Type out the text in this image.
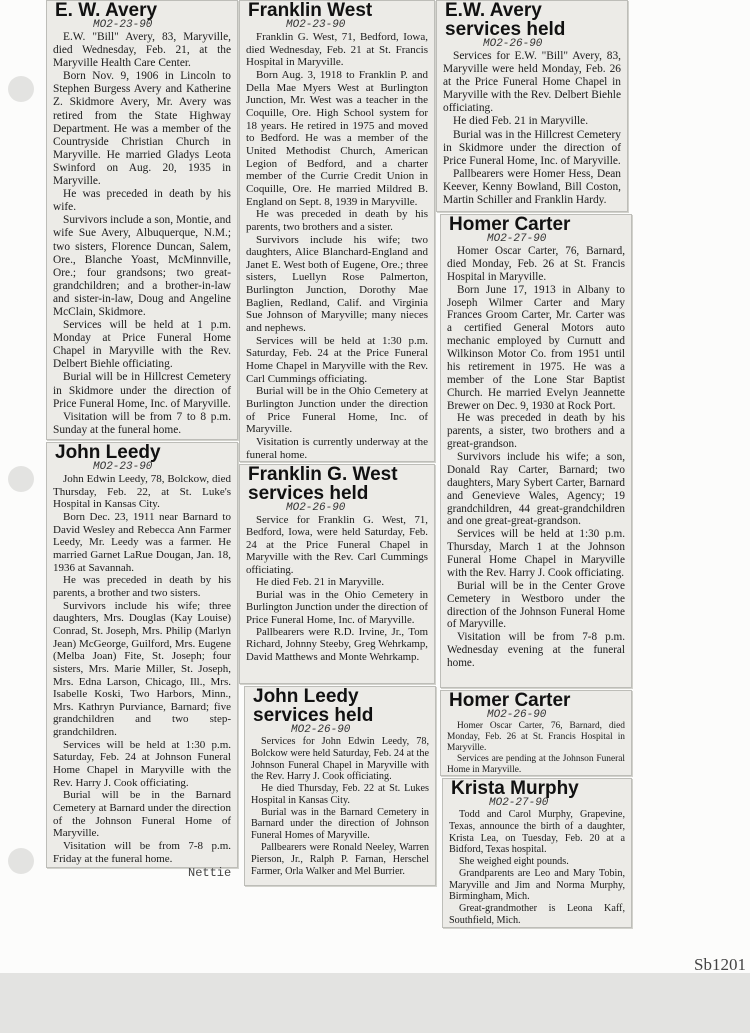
E. W. Avery
MO2-23-90

E.W. "Bill" Avery, 83, Maryville, died Wednesday, Feb. 21, at the Maryville Health Care Center.

Born Nov. 9, 1906 in Lincoln to Stephen Burgess Avery and Katherine Z. Skidmore Avery, Mr. Avery was retired from the State Highway Department. He was a member of the Countryside Christian Church in Maryville. He married Gladys Leota Swinford on Aug. 20, 1935 in Maryville.

He was preceded in death by his wife.

Survivors include a son, Montie, and wife Sue Avery, Albuquerque, N.M.; two sisters, Florence Duncan, Salem, Ore., Blanche Yoast, McMinnville, Ore.; four grandsons; two great-grandchildren; and a brother-in-law and sister-in-law, Doug and Angeline McClain, Skidmore.

Services will be held at 1 p.m. Monday at Price Funeral Home Chapel in Maryville with the Rev. Delbert Biehle officiating.

Burial will be in Hillcrest Cemetery in Skidmore under the direction of Price Funeral Home, Inc. of Maryville.

Visitation will be from 7 to 8 p.m. Sunday at the funeral home.

John Leedy
MO2-23-90

John Edwin Leedy, 78, Bolckow, died Thursday, Feb. 22, at St. Luke's Hospital in Kansas City.

Born Dec. 23, 1911 near Barnard to David Wesley and Rebecca Ann Farmer Leedy, Mr. Leedy was a farmer. He married Garnet LaRue Dougan, Jan. 18, 1936 at Savannah.

He was preceded in death by his parents, a brother and two sisters.

Survivors include his wife; three daughters, Mrs. Douglas (Kay Louise) Conrad, St. Joseph, Mrs. Philip (Marlyn Jean) McGeorge, Guilford, Mrs. Eugene (Melba Joan) Fite, St. Joseph; four sisters, Mrs. Marie Miller, St. Joseph, Mrs. Edna Larson, Chicago, Ill., Mrs. Isabelle Koski, Two Harbors, Minn., Mrs. Kathryn Purviance, Barnard; five grandchildren and two step-grandchildren.

Services will be held at 1:30 p.m. Saturday, Feb. 24 at Johnson Funeral Home Chapel in Maryville with the Rev. Harry J. Cook officiating.

Burial will be in the Barnard Cemetery at Barnard under the direction of the Johnson Funeral Home of Maryville.

Visitation will be from 7-8 p.m. Friday at the funeral home.

Franklin West
MO2-23-90

Franklin G. West, 71, Bedford, Iowa, died Wednesday, Feb. 21 at St. Francis Hospital in Maryville.

Born Aug. 3, 1918 to Franklin P. and Della Mae Myers West at Burlington Junction, Mr. West was a teacher in the Coquille, Ore. High School system for 18 years. He retired in 1975 and moved to Bedford. He was a member of the United Methodist Church, American Legion of Bedford, and a charter member of the Currie Credit Union in Coquille, Ore. He married Mildred B. England on Sept. 8, 1939 in Maryville.

He was preceded in death by his parents, two brothers and a sister.

Survivors include his wife; two daughters, Alice Blanchard-England and Janet E. West both of Eugene, Ore.; three sisters, Luellyn Rose Palmerton, Burlington Junction, Dorothy Mae Baglien, Redland, Calif. and Virginia Sue Johnson of Maryville; many nieces and nephews.

Services will be held at 1:30 p.m. Saturday, Feb. 24 at the Price Funeral Home Chapel in Maryville with the Rev. Carl Cummings officiating.

Burial will be in the Ohio Cemetery at Burlington Junction under the direction of Price Funeral Home, Inc. of Maryville.

Visitation is currently underway at the funeral home.

Franklin G. West
services held
MO2-26-90

Service for Franklin G. West, 71, Bedford, Iowa, were held Saturday, Feb. 24 at the Price Funeral Chapel in Maryville with the Rev. Carl Cummings officiating.

He died Feb. 21 in Maryville.

Burial was in the Ohio Cemetery in Burlington Junction under the direction of Price Funeral Home, Inc. of Maryville.

Pallbearers were R.D. Irvine, Jr., Tom Richard, Johnny Steeby, Greg Wehrkamp, David Matthews and Monte Wehrkamp.

John Leedy
services held
MO2-26-90

Services for John Edwin Leedy, 78, Bolckow were held Saturday, Feb. 24 at the Johnson Funeral Chapel in Maryville with the Rev. Harry J. Cook officiating.

He died Thursday, Feb. 22 at St. Lukes Hospital in Kansas City.

Burial was in the Barnard Cemetery in Barnard under the direction of Johnson Funeral Homes of Maryville.

Pallbearers were Ronald Neeley, Warren Pierson, Jr., Ralph P. Farnan, Herschel Farmer, Orla Walker and Mel Burrier.

E.W. Avery
services held
MO2-26-90

Services for E.W. "Bill" Avery, 83, Maryville were held Monday, Feb. 26 at the Price Funeral Home Chapel in Maryville with the Rev. Delbert Biehle officiating.

He died Feb. 21 in Maryville.

Burial was in the Hillcrest Cemetery in Skidmore under the direction of Price Funeral Home, Inc. of Maryville.

Pallbearers were Homer Hess, Dean Keever, Kenny Bowland, Bill Coston, Martin Schiller and Franklin Hardy.

Homer Carter
MO2-27-90

Homer Oscar Carter, 76, Barnard, died Monday, Feb. 26 at St. Francis Hospital in Maryville.

Born June 17, 1913 in Albany to Joseph Wilmer Carter and Mary Frances Groom Carter, Mr. Carter was a certified General Motors auto mechanic employed by Curnutt and Wilkinson Motor Co. from 1951 until his retirement in 1975. He was a member of the Lone Star Baptist Church. He married Evelyn Jeannette Brewer on Dec. 9, 1930 at Rock Port.

He was preceded in death by his parents, a sister, two brothers and a great-grandson.

Survivors include his wife; a son, Donald Ray Carter, Barnard; two daughters, Mary Sybert Carter, Barnard and Genevieve Wales, Agency; 19 grandchildren, 44 great-grandchildren and one great-great-grandson.

Services will be held at 1:30 p.m. Thursday, March 1 at the Johnson Funeral Home Chapel in Maryville with the Rev. Harry J. Cook officiating.

Burial will be in the Center Grove Cemetery in Westboro under the direction of the Johnson Funeral Home of Maryville.

Visitation will be from 7-8 p.m. Wednesday evening at the funeral home.

Homer Carter
MO2-26-90

Homer Oscar Carter, 76, Barnard, died Monday, Feb. 26 at St. Francis Hospital in Maryville.

Services are pending at the Johnson Funeral Home in Maryville.

Krista Murphy
MO2-27-90

Todd and Carol Murphy, Grapevine, Texas, announce the birth of a daughter, Krista Lea, on Tuesday, Feb. 20 at a Bidford, Texas hospital.

She weighed eight pounds.

Grandparents are Leo and Mary Tobin, Maryville and Jim and Norma Murphy, Birmingham, Mich.

Great-grandmother is Leona Kaff, Southfield, Mich.

Nettie
Sb1201
